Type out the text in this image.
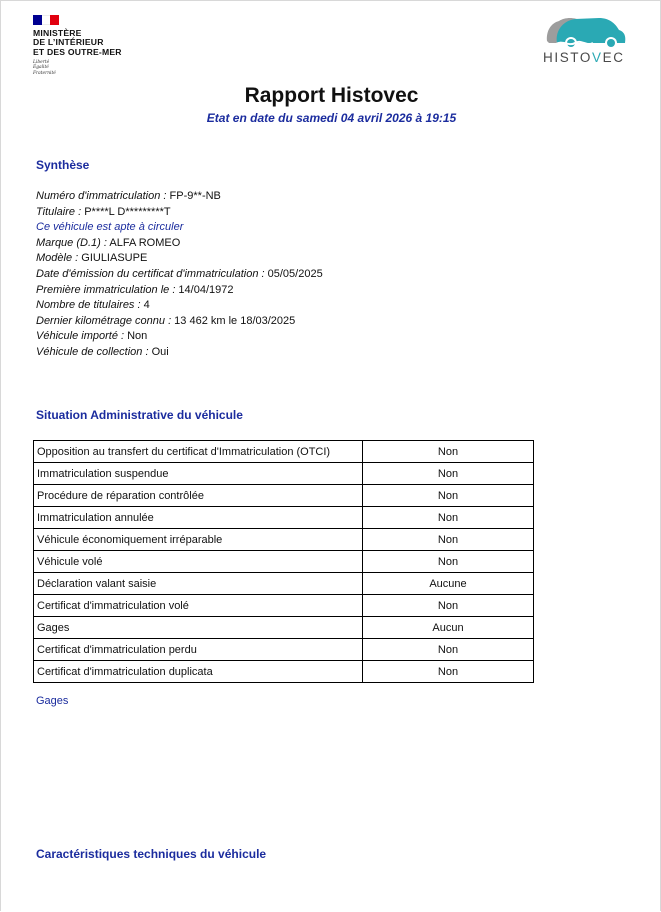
MINISTÈRE
DE L’INTÉRIEUR
ET DES OUTRE-MER
Liberté
Égalité
Fraternité
HISTOVEC
Rapport Histovec
Etat en date du samedi 04 avril 2026 à 19:15
Synthèse
Numéro d'immatriculation : FP-9**-NB
Titulaire : P****L D*********T
Ce véhicule est apte à circuler
Marque (D.1) : ALFA ROMEO
Modèle : GIULIASUPE
Date d'émission du certificat d'immatriculation : 05/05/2025
Première immatriculation le : 14/04/1972
Nombre de titulaires : 4
Dernier kilométrage connu : 13 462 km le 18/03/2025
Véhicule importé : Non
Véhicule de collection : Oui
Situation Administrative du véhicule
Opposition au transfert du certificat d'Immatriculation (OTCI)	Non
Immatriculation suspendue	Non
Procédure de réparation contrôlée	Non
Immatriculation annulée	Non
Véhicule économiquement irréparable	Non
Véhicule volé	Non
Déclaration valant saisie	Aucune
Certificat d'immatriculation volé	Non
Gages	Aucun
Certificat d'immatriculation perdu	Non
Certificat d'immatriculation duplicata	Non
Gages
Caractéristiques techniques du véhicule
